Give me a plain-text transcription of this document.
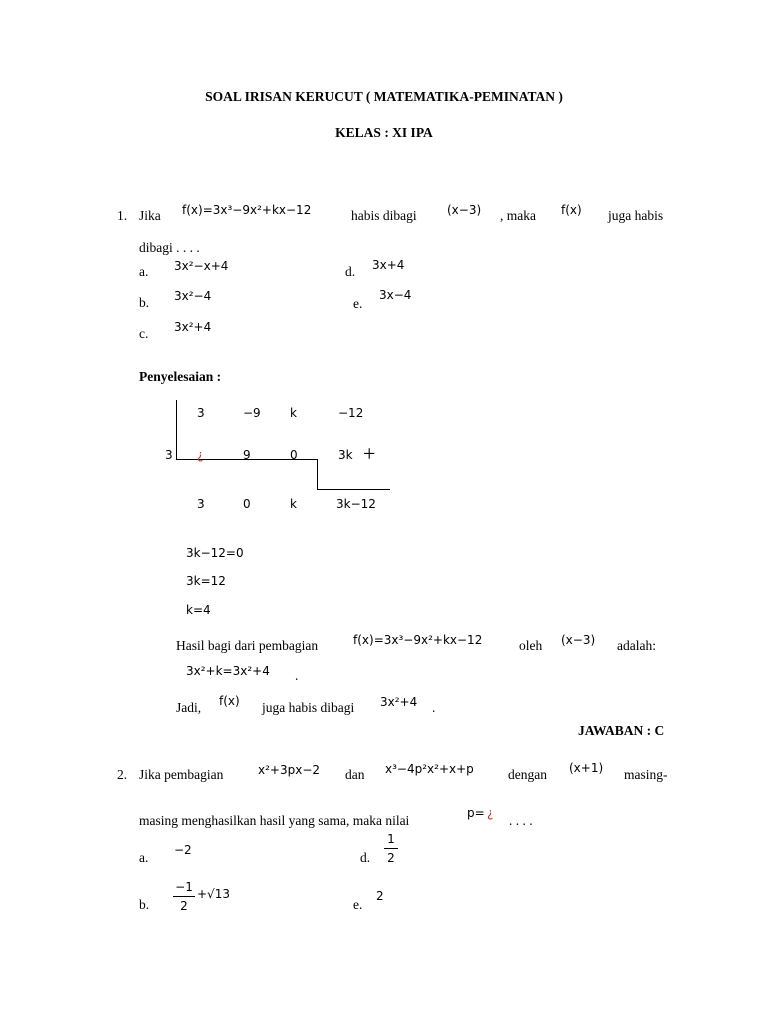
SOAL IRISAN KERUCUT ( MATEMATIKA-PEMINATAN )
KELAS : XI IPA
1. Jika f(x)=3x³−9x²+kx−12	habis dibagi	(x−3) , maka f(x) juga habis
dibagi . . . .
a. 3x²−x+4
b. 3x²−4
c. 3x²+4
d. 3x+4
e.
3x−4
Penyelesaian :
3	−9 k	−12
3 ¿	9	0	3k +
3	0	k	3k−12
3k−12=0
3k=12
k=4
Hasil bagi dari pembagian	f(x)=3x³−9x²+kx−12	oleh (x−3) adalah:
3x²+k=3x²+4 .
Jadi, f(x) juga habis dibagi 3x²+4 .
JAWABAN : C
2. Jika pembagian	x²+3px−2 dan x³−4p²x²+x+p	dengan (x+1) masing-
masing menghasilkan hasil yang sama, maka nilai	p= ¿ . . . .
a. −2
b.
−1
2
+√13
d.
1
2
e.
2
